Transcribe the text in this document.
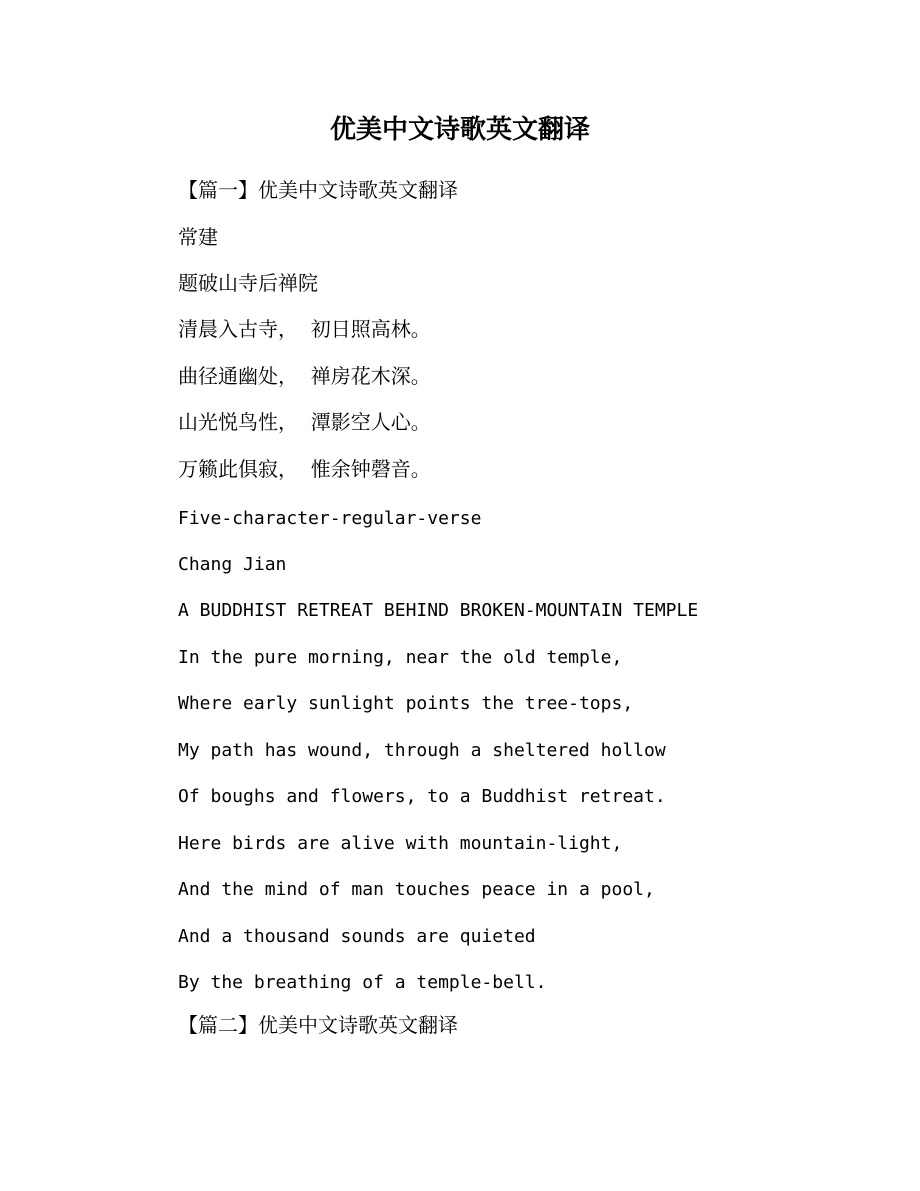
优美中文诗歌英文翻译

【篇一】优美中文诗歌英文翻译

常建

题破山寺后禅院

清晨入古寺，  初日照高林。

曲径通幽处，  禅房花木深。

山光悦鸟性，  潭影空人心。

万籁此俱寂，  惟余钟磬音。

Five-character-regular-verse

Chang Jian

A BUDDHIST RETREAT BEHIND BROKEN-MOUNTAIN TEMPLE

In the pure morning, near the old temple,

Where early sunlight points the tree-tops,

My path has wound, through a sheltered hollow

Of boughs and flowers, to a Buddhist retreat.

Here birds are alive with mountain-light,

And the mind of man touches peace in a pool,

And a thousand sounds are quieted

By the breathing of a temple-bell.

【篇二】优美中文诗歌英文翻译
